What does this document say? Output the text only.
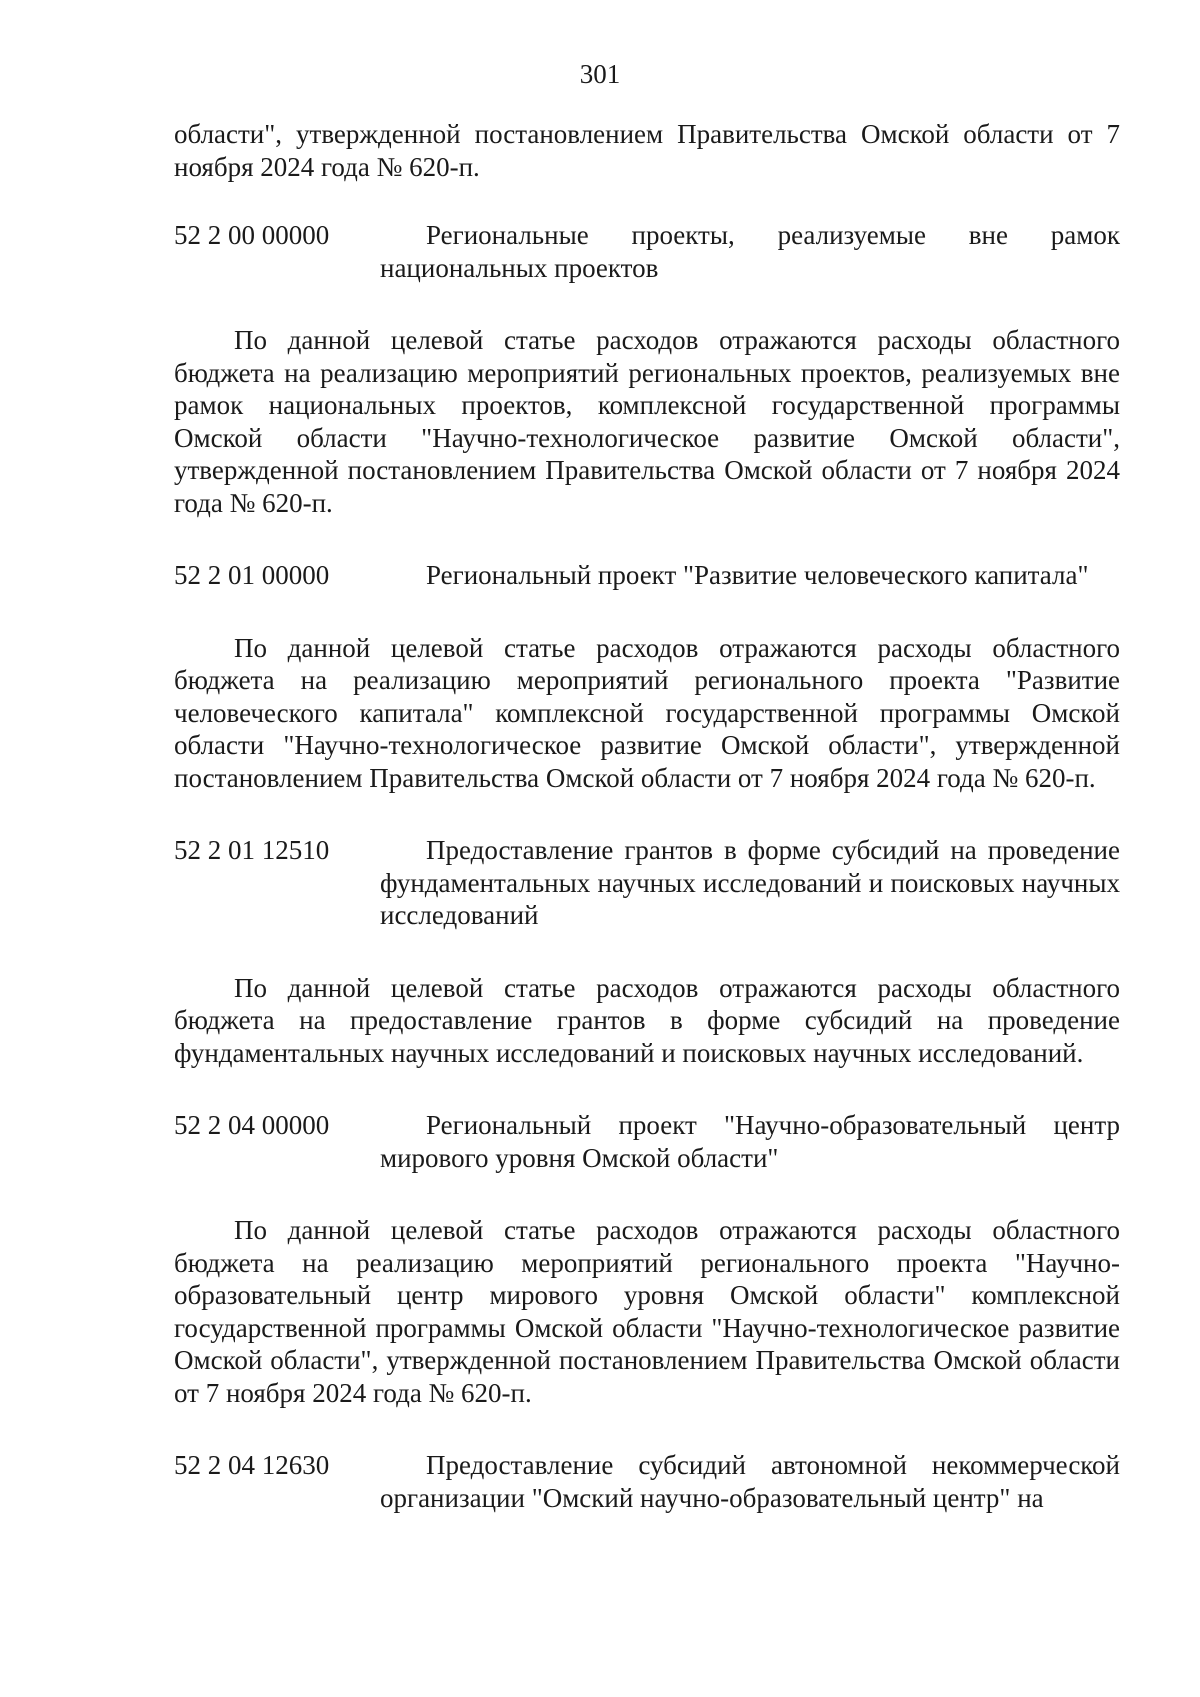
301

области", утвержденной постановлением Правительства Омской области от 7 ноября 2024 года № 620-п.

52 2 00 00000	Региональные проекты, реализуемые вне рамок национальных проектов

По данной целевой статье расходов отражаются расходы областного бюджета на реализацию мероприятий региональных проектов, реализуемых вне рамок национальных проектов, комплексной государственной программы Омской области "Научно-технологическое развитие Омской области", утвержденной постановлением Правительства Омской области от 7 ноября 2024 года № 620-п.

52 2 01 00000	Региональный проект "Развитие человеческого капитала"

По данной целевой статье расходов отражаются расходы областного бюджета на реализацию мероприятий регионального проекта "Развитие человеческого капитала" комплексной государственной программы Омской области "Научно-технологическое развитие Омской области", утвержденной постановлением Правительства Омской области от 7 ноября 2024 года № 620-п.

52 2 01 12510	Предоставление грантов в форме субсидий на проведение фундаментальных научных исследований и поисковых научных исследований

По данной целевой статье расходов отражаются расходы областного бюджета на предоставление грантов в форме субсидий на проведение фундаментальных научных исследований и поисковых научных исследований.

52 2 04 00000	Региональный проект "Научно-образовательный центр мирового уровня Омской области"

По данной целевой статье расходов отражаются расходы областного бюджета на реализацию мероприятий регионального проекта "Научно-образовательный центр мирового уровня Омской области" комплексной государственной программы Омской области "Научно-технологическое развитие Омской области", утвержденной постановлением Правительства Омской области от 7 ноября 2024 года № 620-п.

52 2 04 12630	Предоставление субсидий автономной некоммерческой организации "Омский научно-образовательный центр" на
